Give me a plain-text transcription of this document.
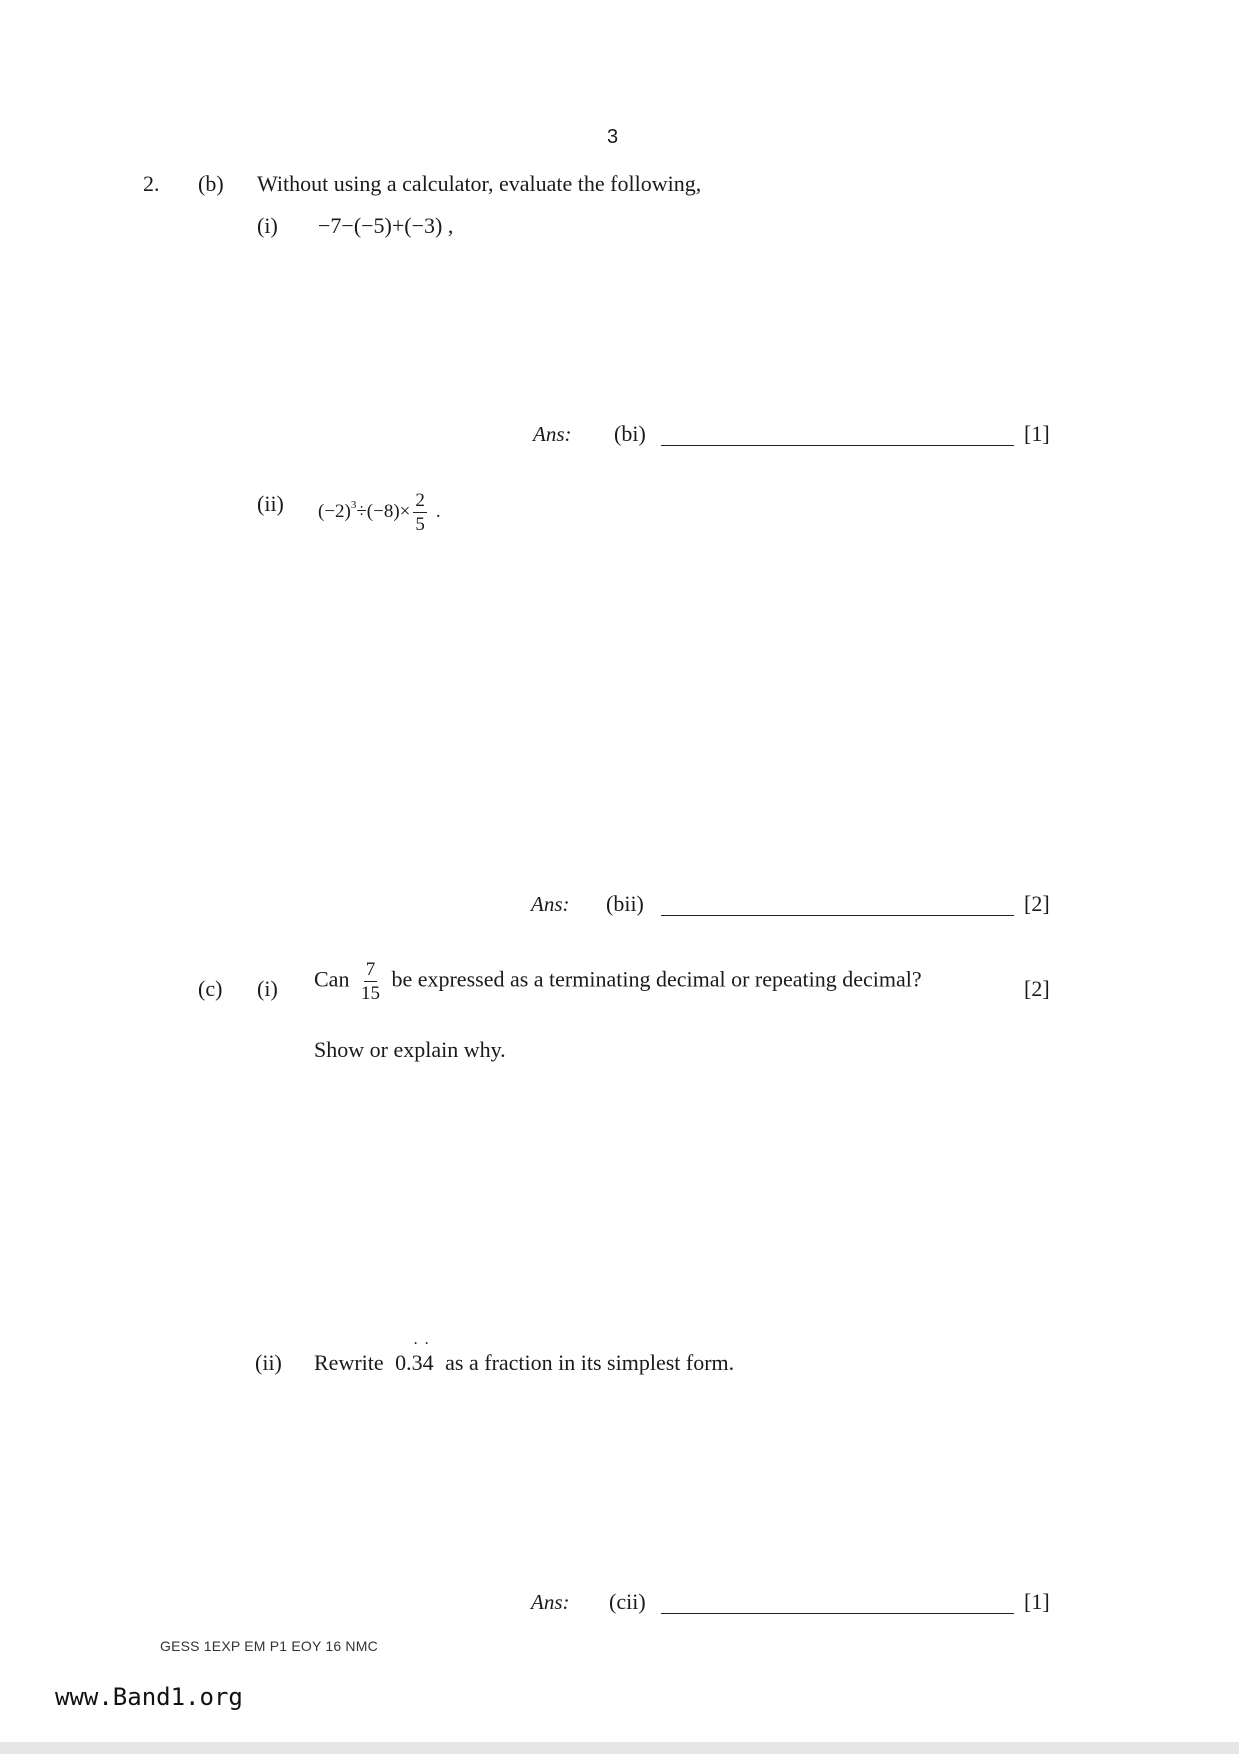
3
2. (b) Without using a calculator, evaluate the following,
(i) −7−(−5)+(−3) ,
Ans: (bi)	[1]
(ii) $(-2)^3\div(-8)\times \frac{2}{5}$ .
Ans: (bii)	[2]
(c) (i) Can $\frac{7}{15}$ be expressed as a terminating decimal or repeating decimal?	[2]
Show or explain why.
(ii) Rewrite 0.3 ˙4 ˙ as a fraction in its simplest form.
Ans: (cii)	[1]
GESS 1EXP EM P1 EOY 16 NMC
www.Band1.org
